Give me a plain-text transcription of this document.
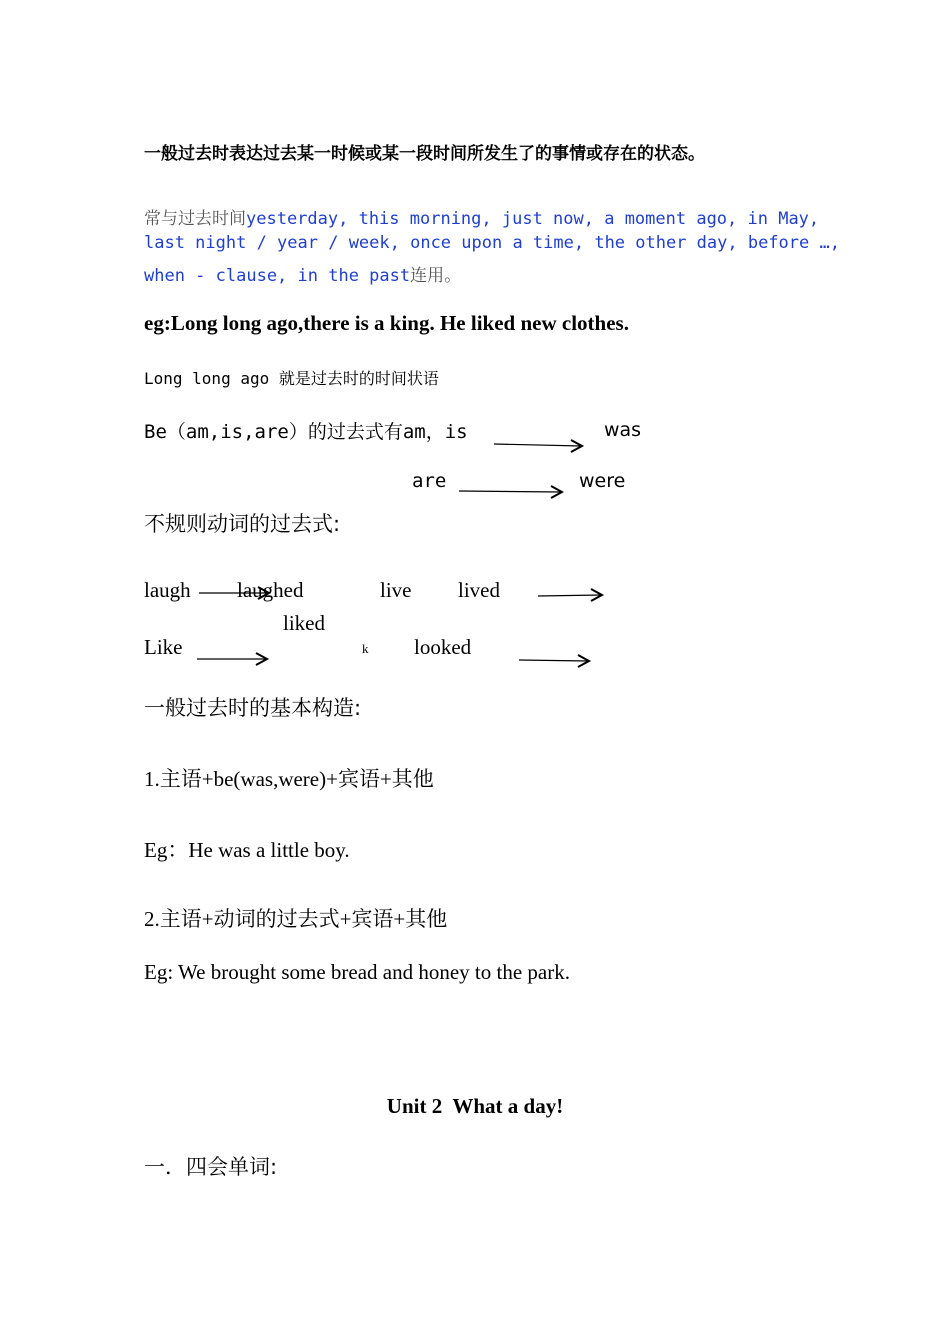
一般过去时表达过去某一时候或某一段时间所发生了的事情或存在的状态。
常与过去时间yesterday, this morning, just now, a moment ago, in May,
last night / year / week, once upon a time, the other day, before …,
when - clause, in the past连用。
eg:Long long ago,there is a king. He liked new clothes.
Long long ago 就是过去时的时间状语
Be（am,is,are）的过去式有am，is	was
are	were
不规则动词的过去式:
laugh laughed	live lived
liked
Like	k looked
一般过去时的基本构造:
1.主语+be(was,were)+宾语+其他
Eg：He was a little boy.
2.主语+动词的过去式+宾语+其他
Eg: We brought some bread and honey to the park.
Unit 2  What a day!
一．四会单词:
